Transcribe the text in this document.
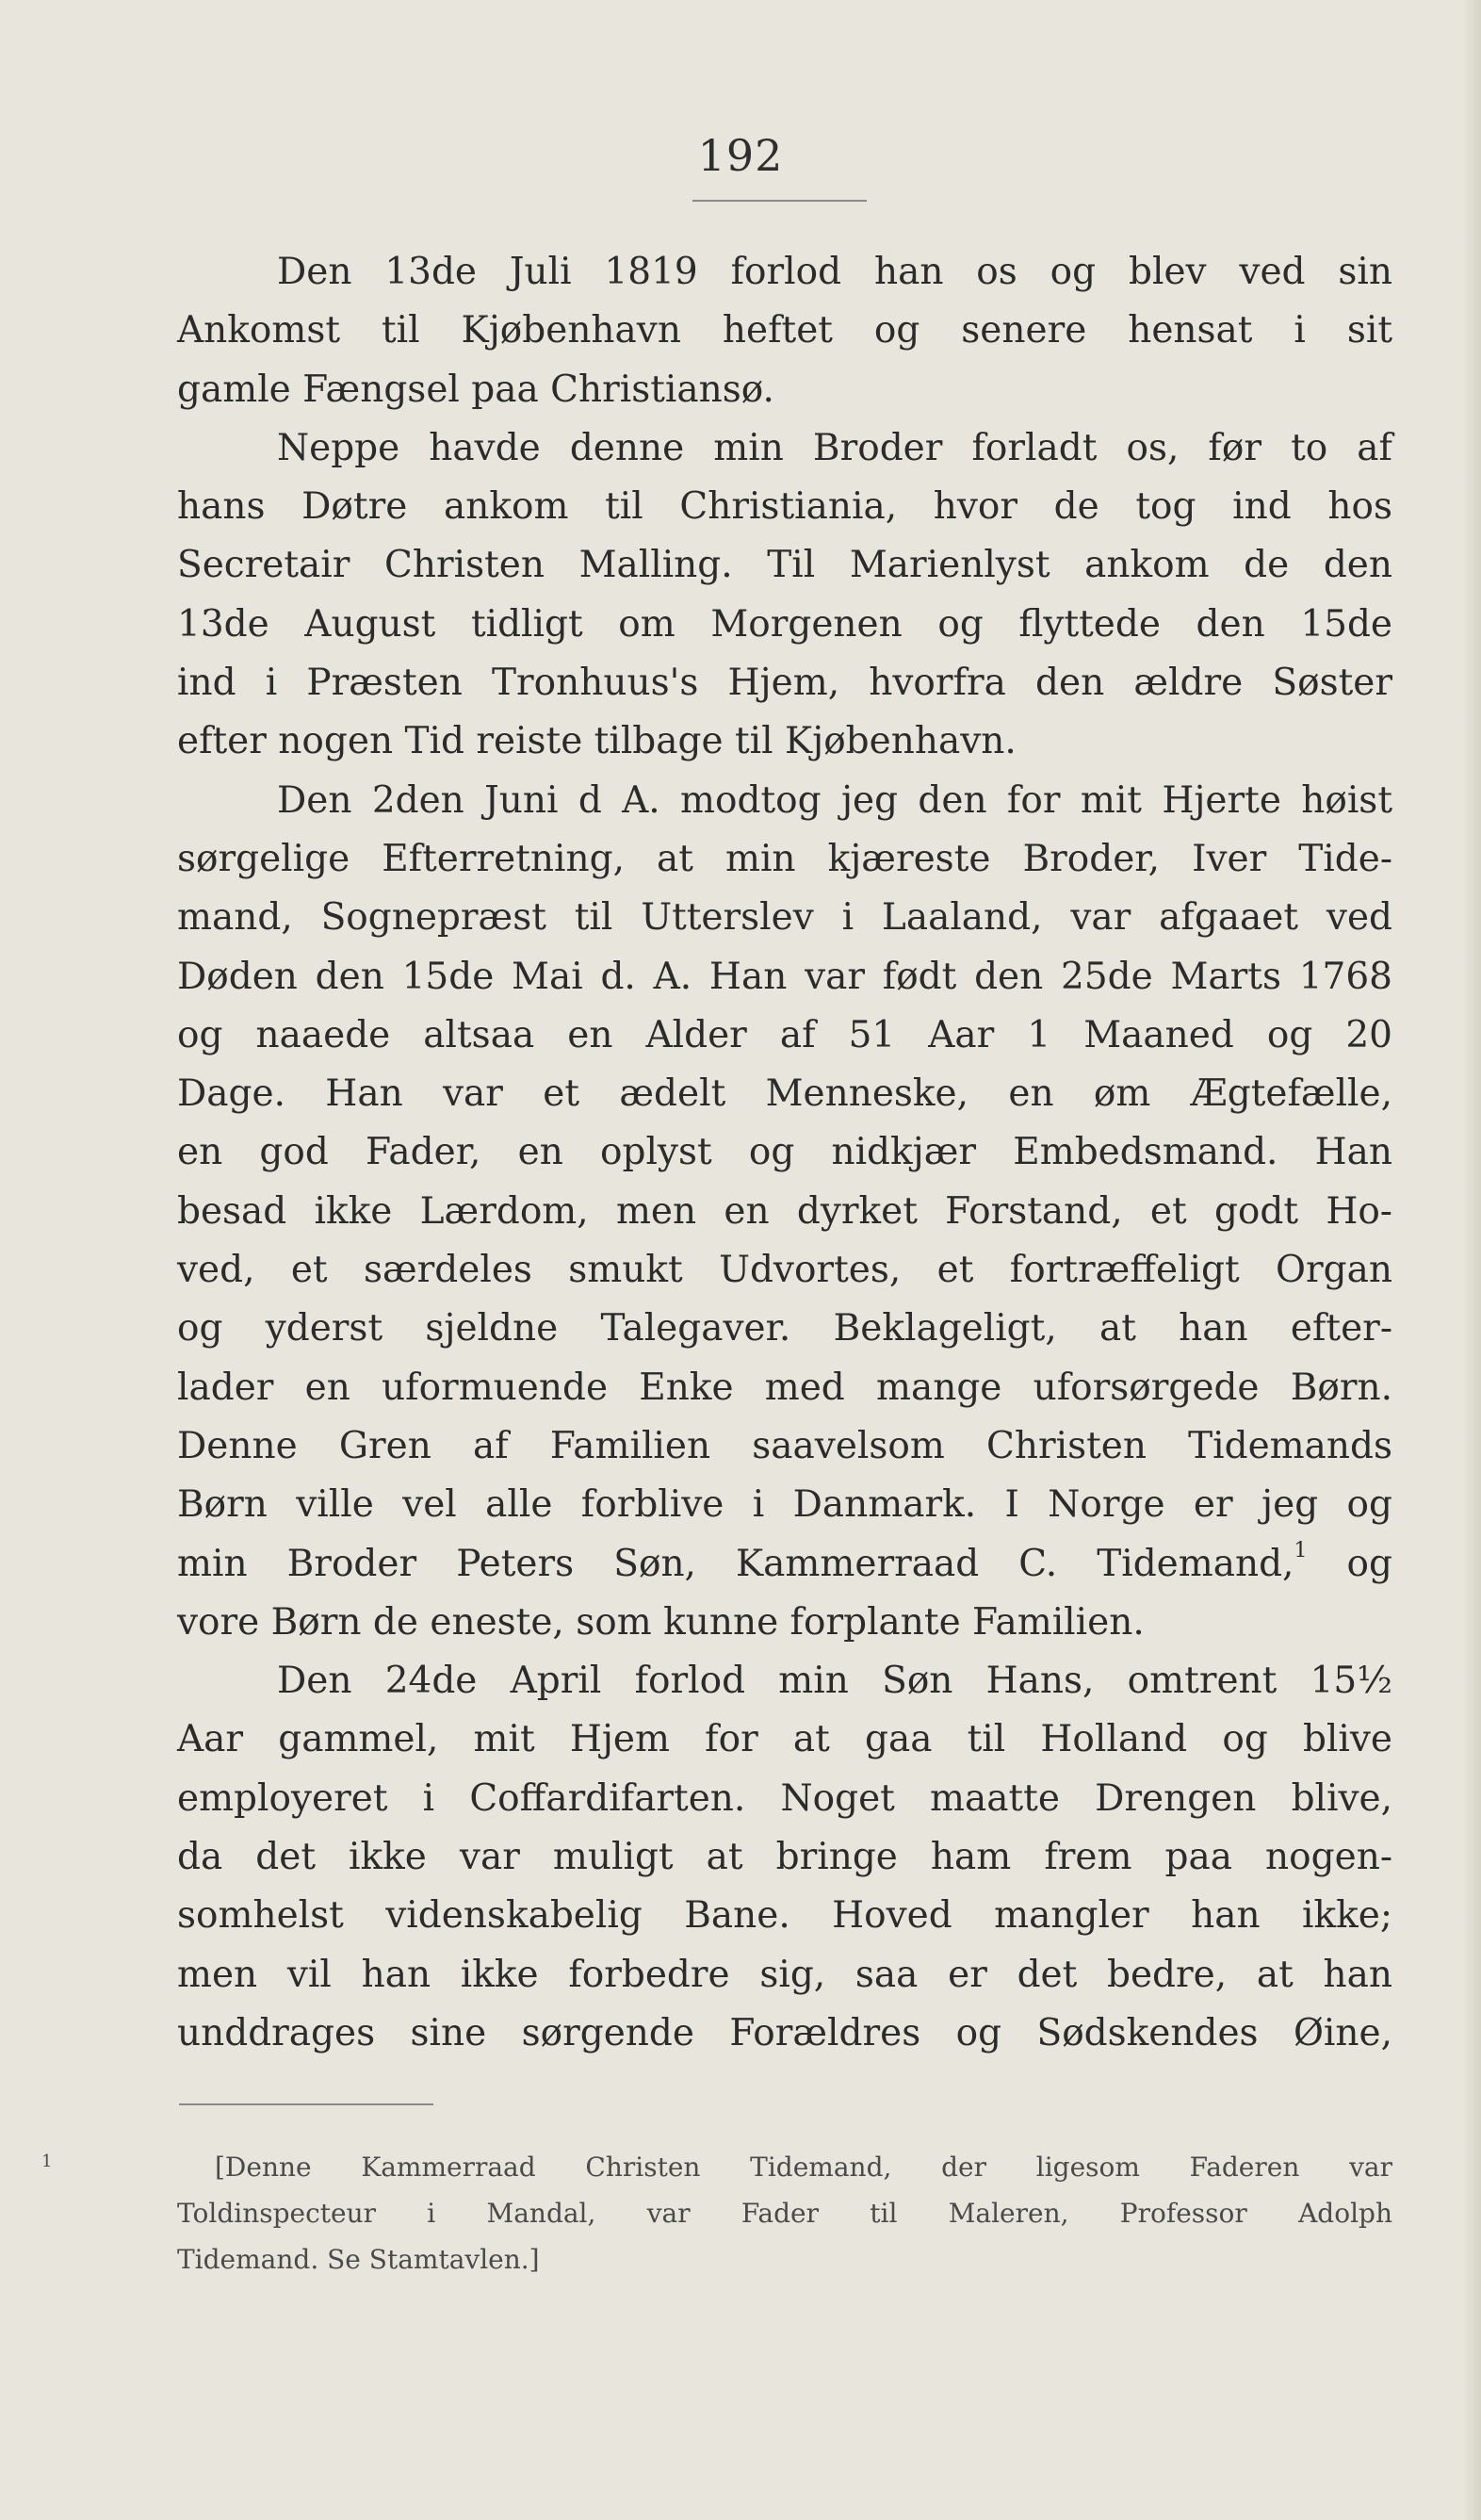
192
Den 13de Juli 1819 forlod han os og blev ved sin
Ankomst til Kjøbenhavn heftet og senere hensat i sit
gamle Fængsel paa Christiansø.
Neppe havde denne min Broder forladt os, før to af
hans Døtre ankom til Christiania, hvor de tog ind hos
Secretair Christen Malling. Til Marienlyst ankom de den
13de August tidligt om Morgenen og flyttede den 15de
ind i Præsten Tronhuus's Hjem, hvorfra den ældre Søster
efter nogen Tid reiste tilbage til Kjøbenhavn.
Den 2den Juni d A. modtog jeg den for mit Hjerte høist
sørgelige Efterretning, at min kjæreste Broder, Iver Tide-
mand, Sognepræst til Utterslev i Laaland, var afgaaet ved
Døden den 15de Mai d. A. Han var født den 25de Marts 1768
og naaede altsaa en Alder af 51 Aar 1 Maaned og 20
Dage. Han var et ædelt Menneske, en øm Ægtefælle,
en god Fader, en oplyst og nidkjær Embedsmand. Han
besad ikke Lærdom, men en dyrket Forstand, et godt Ho-
ved, et særdeles smukt Udvortes, et fortræffeligt Organ
og yderst sjeldne Talegaver. Beklageligt, at han efter-
lader en uformuende Enke med mange uforsørgede Børn.
Denne Gren af Familien saavelsom Christen Tidemands
Børn ville vel alle forblive i Danmark. I Norge er jeg og
min Broder Peters Søn, Kammerraad C. Tidemand,$^1$ og
vore Børn de eneste, som kunne forplante Familien.
Den 24de April forlod min Søn Hans, omtrent 15½
Aar gammel, mit Hjem for at gaa til Holland og blive
employeret i Coffardifarten. Noget maatte Drengen blive,
da det ikke var muligt at bringe ham frem paa nogen-
somhelst videnskabelig Bane. Hoved mangler han ikke;
men vil han ikke forbedre sig, saa er det bedre, at han
unddrages sine sørgende Forældres og Sødskendes Øine,
1	[Denne Kammerraad Christen Tidemand, der ligesom Faderen var
Toldinspecteur i Mandal, var Fader til Maleren, Professor Adolph
Tidemand. Se Stamtavlen.]
